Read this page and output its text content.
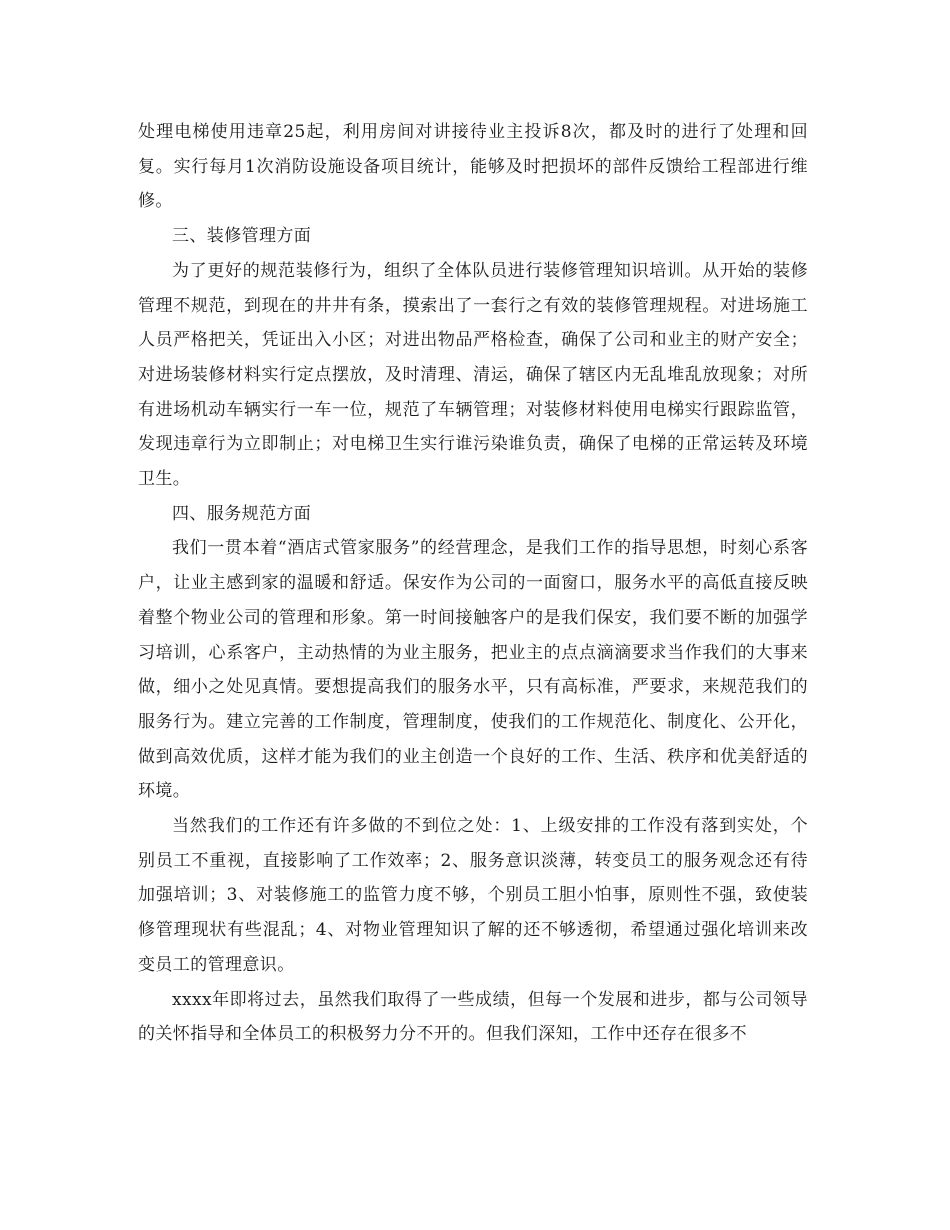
处理电梯使用违章25起，利用房间对讲接待业主投诉8次，都及时的进行了处理和回复。实行每月1次消防设施设备项目统计，能够及时把损坏的部件反馈给工程部进行维修。

三、装修管理方面

为了更好的规范装修行为，组织了全体队员进行装修管理知识培训。从开始的装修管理不规范，到现在的井井有条，摸索出了一套行之有效的装修管理规程。对进场施工人员严格把关，凭证出入小区；对进出物品严格检查，确保了公司和业主的财产安全；对进场装修材料实行定点摆放，及时清理、清运，确保了辖区内无乱堆乱放现象；对所有进场机动车辆实行一车一位，规范了车辆管理；对装修材料使用电梯实行跟踪监管，发现违章行为立即制止；对电梯卫生实行谁污染谁负责，确保了电梯的正常运转及环境卫生。

四、服务规范方面

我们一贯本着“酒店式管家服务”的经营理念，是我们工作的指导思想，时刻心系客户，让业主感到家的温暖和舒适。保安作为公司的一面窗口，服务水平的高低直接反映着整个物业公司的管理和形象。第一时间接触客户的是我们保安，我们要不断的加强学习培训，心系客户，主动热情的为业主服务，把业主的点点滴滴要求当作我们的大事来做，细小之处见真情。要想提高我们的服务水平，只有高标准，严要求，来规范我们的服务行为。建立完善的工作制度，管理制度，使我们的工作规范化、制度化、公开化，做到高效优质，这样才能为我们的业主创造一个良好的工作、生活、秩序和优美舒适的环境。

当然我们的工作还有许多做的不到位之处：1、上级安排的工作没有落到实处，个别员工不重视，直接影响了工作效率；2、服务意识淡薄，转变员工的服务观念还有待加强培训；3、对装修施工的监管力度不够，个别员工胆小怕事，原则性不强，致使装修管理现状有些混乱；4、对物业管理知识了解的还不够透彻，希望通过强化培训来改变员工的管理意识。

xxxx年即将过去，虽然我们取得了一些成绩，但每一个发展和进步，都与公司领导的关怀指导和全体员工的积极努力分不开的。但我们深知，工作中还存在很多不
